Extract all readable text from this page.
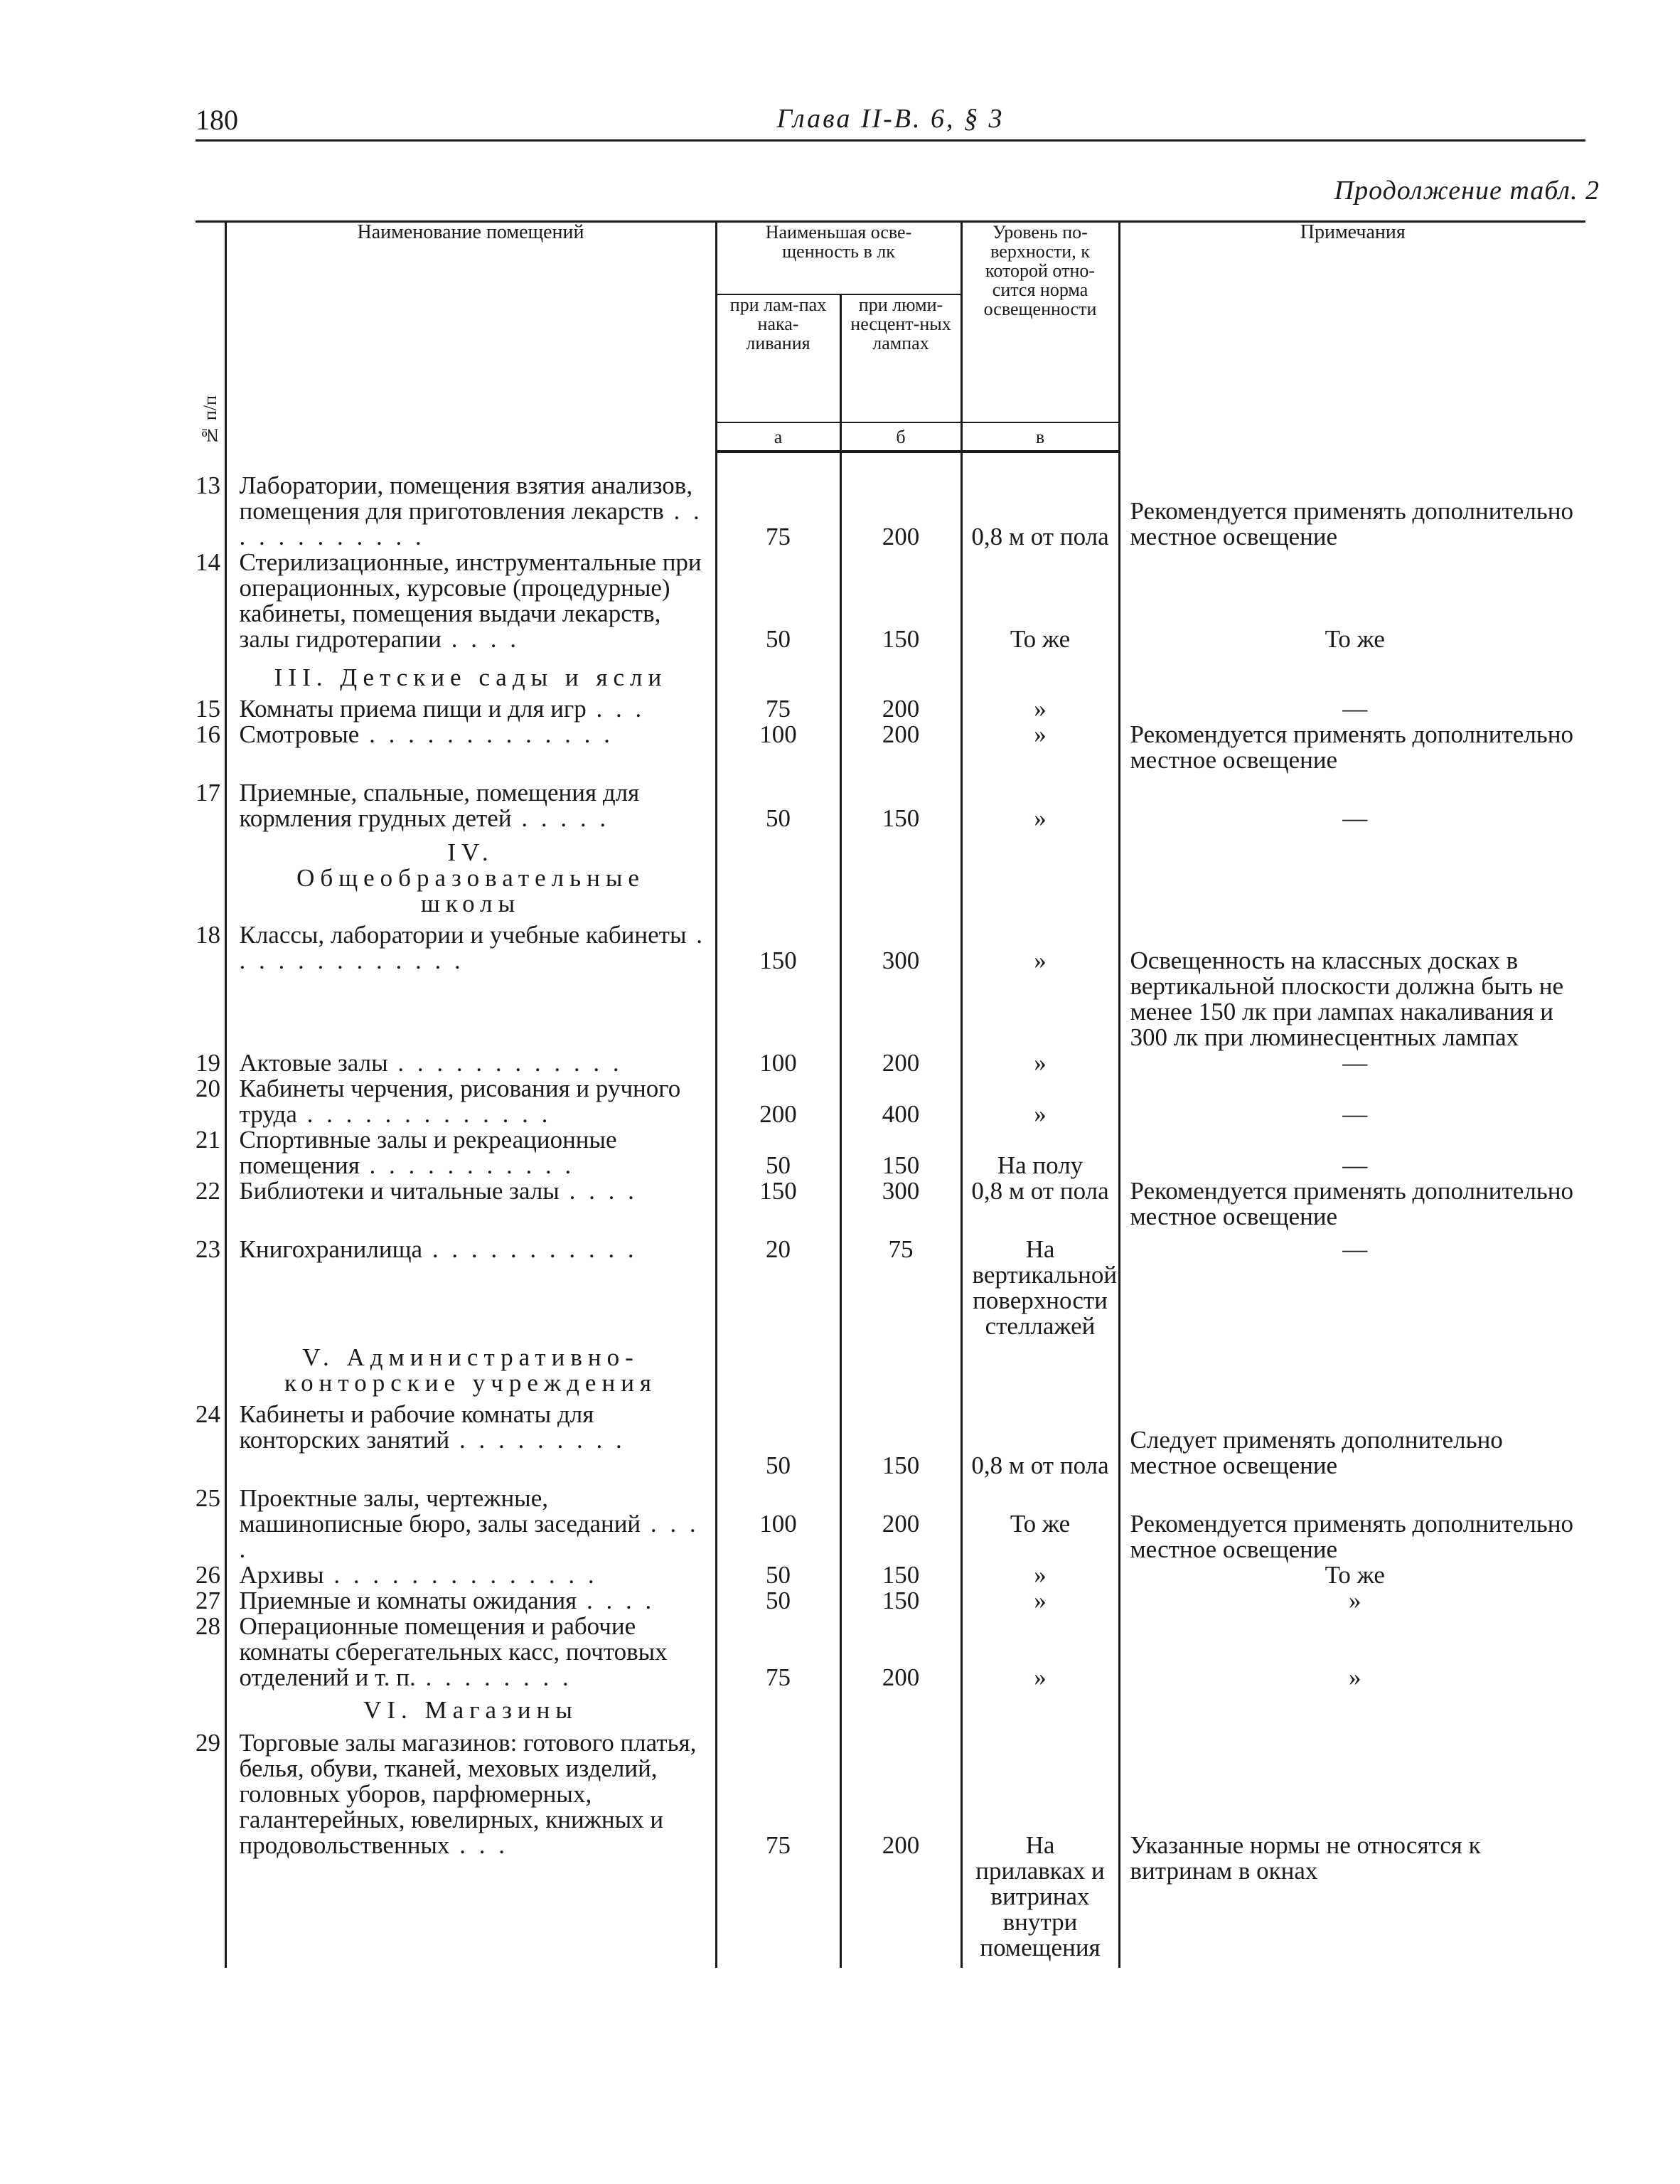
180	Глава II-В. 6, § 3
Продолжение табл. 2
№ п/п	Наименование помещений	Наименьшая осве-щенность в лк		Уровень по-верхности, к которой отно-сится норма освещенности	Примечания
		при лам-пах нака-ливания	при люми-несцент-ных лампах		
		а	б	в	

13	Лаборатории, помещения взятия анализов, помещения для приготовления лекарств . . . . . . . . . . . .	75	200	0,8 м от пола	Рекомендуется применять дополнительно местное освещение
14	Стерилизационные, инструментальные при операционных, курсовые (процедурные) кабинеты, помещения выдачи лекарств, залы гидротерапии . . . .	50	150	То же	То же
	III. Детские сады и ясли				
15	Комнаты приема пищи и для игр . . .	75	200	»	—
16	Смотровые . . . . . . . . . . . . .	100	200	»	Рекомендуется применять дополнительно местное освещение
17	Приемные, спальные, помещения для кормления грудных детей . . . . .	50	150	»	—
	IV. Общеобразовательные школы				
18	Классы, лаборатории и учебные кабинеты . . . . . . . . . . . . .	150	300	»	Освещенность на классных досках в вертикальной плоскости должна быть не менее 150 лк при лампах накаливания и 300 лк при люминесцентных лампах
19	Актовые залы . . . . . . . . . . . .	100	200	»	—
20	Кабинеты черчения, рисования и ручного труда . . . . . . . . . . . . .	200	400	»	—
21	Спортивные залы и рекреационные помещения . . . . . . . . . . .	50	150	На полу	—
22	Библиотеки и читальные залы . . . .	150	300	0,8 м от пола	Рекомендуется применять дополнительно местное освещение
23	Книгохранилища . . . . . . . . . . .	20	75	На вертикальной поверхности стеллажей	—
	V. Административно-конторские учреждения				
24	Кабинеты и рабочие комнаты для конторских занятий . . . . . . . . .	50	150	0,8 м от пола	Следует применять дополнительно местное освещение
25	Проектные залы, чертежные, машинописные бюро, залы заседаний . . . .	100	200	То же	Рекомендуется применять дополнительно местное освещение
26	Архивы . . . . . . . . . . . . . .	50	150	»	То же
27	Приемные и комнаты ожидания . . . .	50	150	»	»
28	Операционные помещения и рабочие комнаты сберегательных касс, почтовых отделений и т. п. . . . . . . . .	75	200	»	»
	VI. Магазины				
29	Торговые залы магазинов: готового платья, белья, обуви, тканей, меховых изделий, головных уборов, парфюмерных, галантерейных, ювелирных, книжных и продовольственных . . .	75	200	На прилавках и витринах внутри помещения	Указанные нормы не относятся к витринам в окнах
